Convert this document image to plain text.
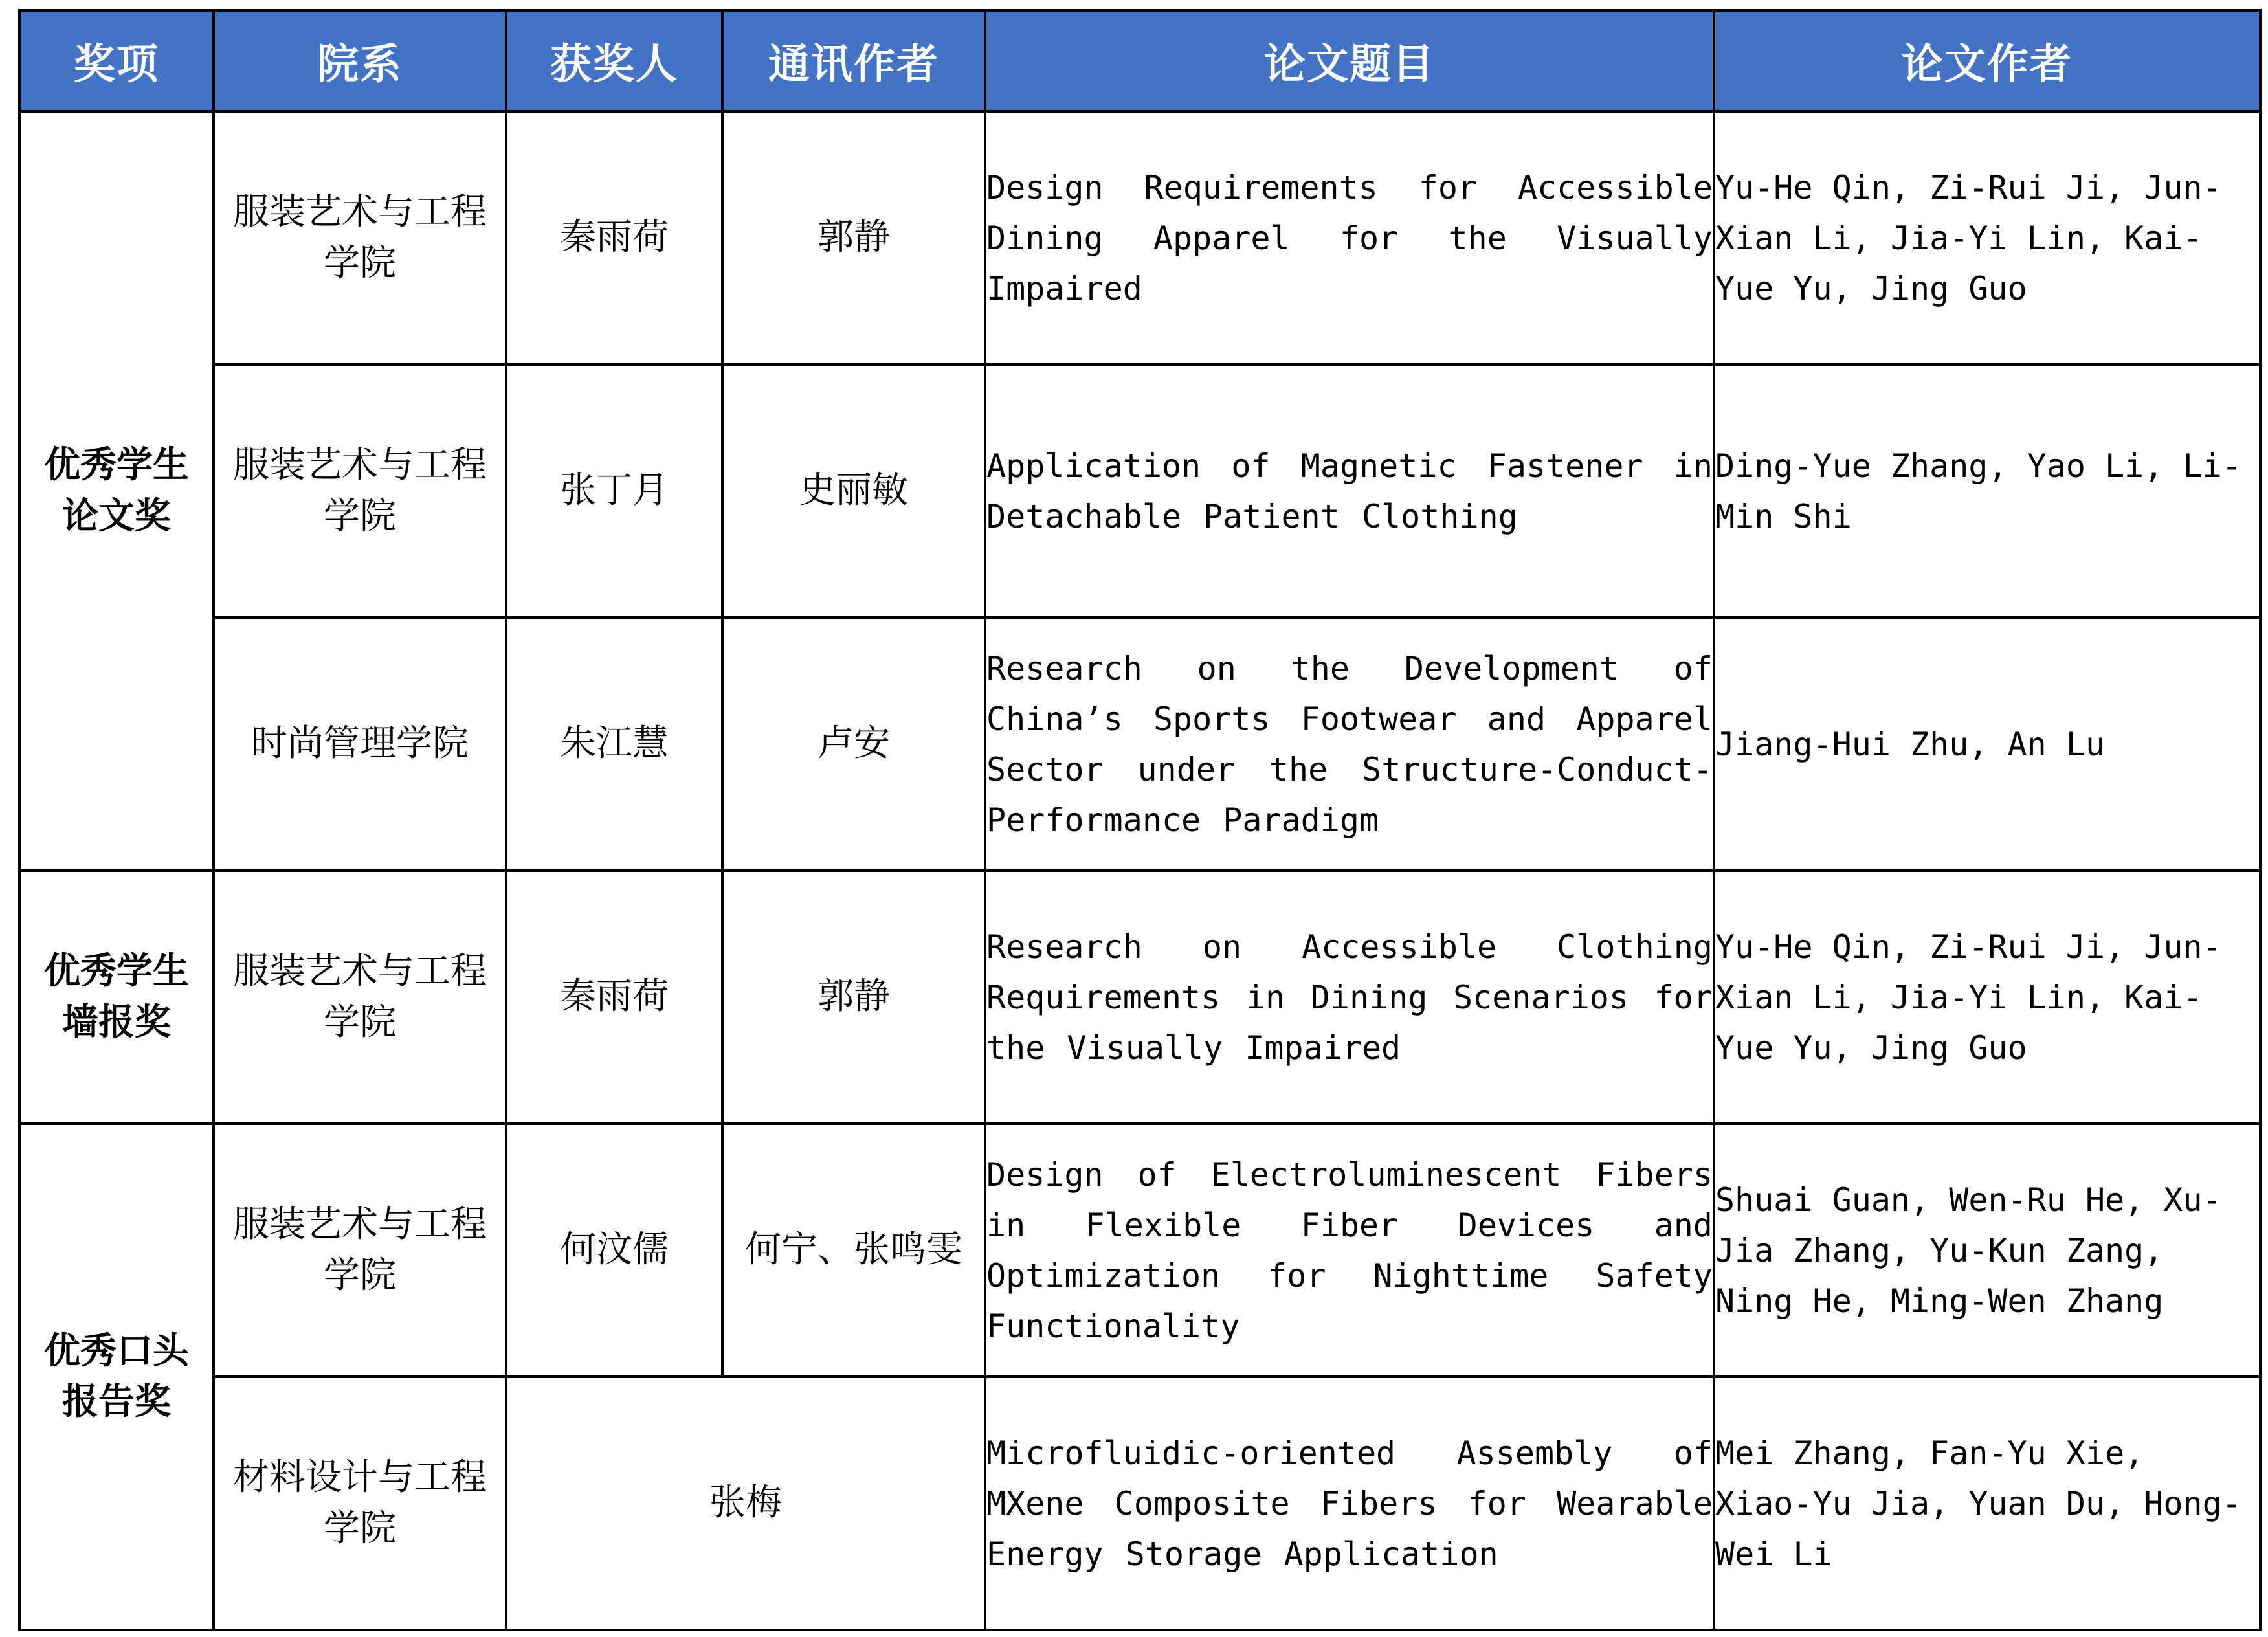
奖项	院系	获奖人	通讯作者	论文题目	论文作者

优秀学生论文奖	服装艺术与工程学院	秦雨荷	郭静	Design Requirements for Accessible Dining Apparel for the Visually Impaired	Yu-He Qin, Zi-Rui Ji, Jun-Xian Li, Jia-Yi Lin, Kai-Yue Yu, Jing Guo
	服装艺术与工程学院	张丁月	史丽敏	Application of Magnetic Fastener in Detachable Patient Clothing	Ding-Yue Zhang, Yao Li, Li-Min Shi
	时尚管理学院	朱江慧	卢安	Research on the Development of China’s Sports Footwear and Apparel Sector under the Structure-Conduct-Performance Paradigm	Jiang-Hui Zhu, An Lu

优秀学生墙报奖	服装艺术与工程学院	秦雨荷	郭静	Research on Accessible Clothing Requirements in Dining Scenarios for the Visually Impaired	Yu-He Qin, Zi-Rui Ji, Jun-Xian Li, Jia-Yi Lin, Kai-Yue Yu, Jing Guo

优秀口头报告奖	服装艺术与工程学院	何汶儒	何宁、张鸣雯	Design of Electroluminescent Fibers in Flexible Fiber Devices and Optimization for Nighttime Safety Functionality	Shuai Guan, Wen-Ru He, Xu-Jia Zhang, Yu-Kun Zang, Ning He, Ming-Wen Zhang
	材料设计与工程学院	张梅		Microfluidic-oriented Assembly of MXene Composite Fibers for Wearable Energy Storage Application	Mei Zhang, Fan-Yu Xie, Xiao-Yu Jia, Yuan Du, Hong-Wei Li
